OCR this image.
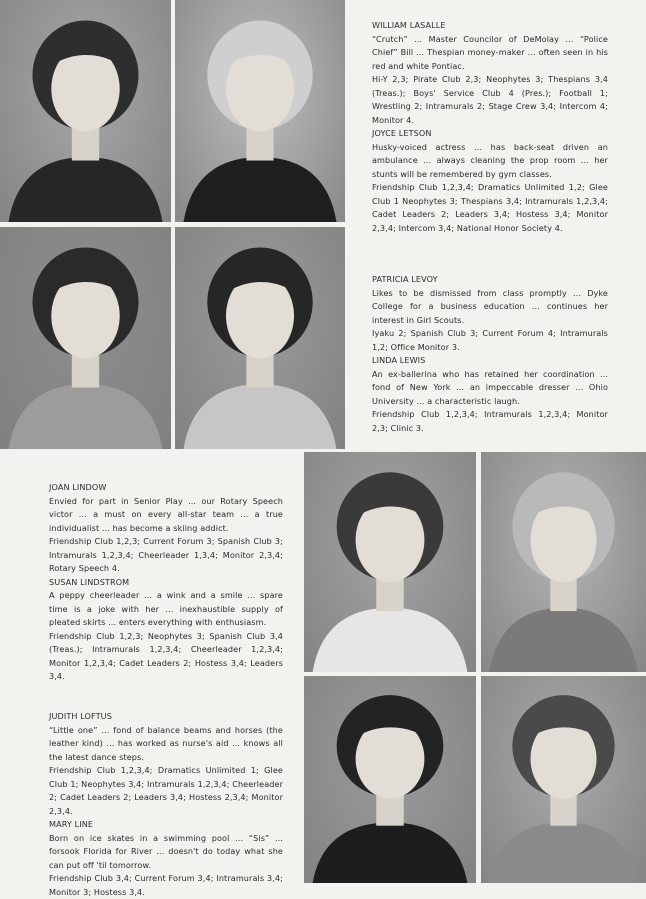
WILLIAM LASALLE

“Crutch” ... Master Councilor of DeMolay ... “Police Chief” Bill ... Thespian money-maker ... often seen in his red and white Pontiac.

Hi-Y 2,3; Pirate Club 2,3; Neophytes 3; Thespians 3,4 (Treas.); Boys' Service Club 4 (Pres.); Football 1; Wrestling 2; Intramurals 2; Stage Crew 3,4; Intercom 4; Monitor 4.

JOYCE LETSON

Husky-voiced actress ... has back-seat driven an ambulance ... always cleaning the prop room ... her stunts will be remembered by gym classes.

Friendship Club 1,2,3,4; Dramatics Unlimited 1,2; Glee Club 1 Neophytes 3; Thespians 3,4; Intramurals 1,2,3,4; Cadet Leaders 2; Leaders 3,4; Hostess 3,4; Monitor 2,3,4; Intercom 3,4; National Honor Society 4.

PATRICIA LEVOY

Likes to be dismissed from class promptly ... Dyke College for a business education ... continues her interest in Girl Scouts.

Iyaku 2; Spanish Club 3; Current Forum 4; Intramurals 1,2; Office Monitor 3.

LINDA LEWIS

An ex-ballerina who has retained her coordination ... fond of New York ... an impeccable dresser ... Ohio University ... a characteristic laugh.

Friendship Club 1,2,3,4; Intramurals 1,2,3,4; Monitor 2,3; Clinic 3.

JOAN LINDOW

Envied for part in Senior Play ... our Rotary Speech victor ... a must on every all-star team ... a true individualist ... has become a skiing addict.

Friendship Club 1,2,3; Current Forum 3; Spanish Club 3; Intramurals 1,2,3,4; Cheerleader 1,3,4; Monitor 2,3,4; Rotary Speech 4.

SUSAN LINDSTROM

A peppy cheerleader ... a wink and a smile ... spare time is a joke with her ... inexhaustible supply of pleated skirts ... enters everything with enthusiasm.

Friendship Club 1,2,3; Neophytes 3; Spanish Club 3,4 (Treas.); Intramurals 1,2,3,4; Cheerleader 1,2,3,4; Monitor 1,2,3,4; Cadet Leaders 2; Hostess 3,4; Leaders 3,4.

JUDITH LOFTUS

“Little one” ... fond of balance beams and horses (the leather kind) ... has worked as nurse's aid ... knows all the latest dance steps.

Friendship Club 1,2,3,4; Dramatics Unlimited 1; Glee Club 1; Neophytes 3,4; Intramurals 1,2,3,4; Cheerleader 2; Cadet Leaders 2; Leaders 3,4; Hostess 2,3,4; Monitor 2,3,4.

MARY LINE

Born on ice skates in a swimming pool ... “Sis” ... forsook Florida for River ... doesn't do today what she can put off 'til tomorrow.

Friendship Club 3,4; Current Forum 3,4; Intramurals 3,4; Monitor 3; Hostess 3,4.
